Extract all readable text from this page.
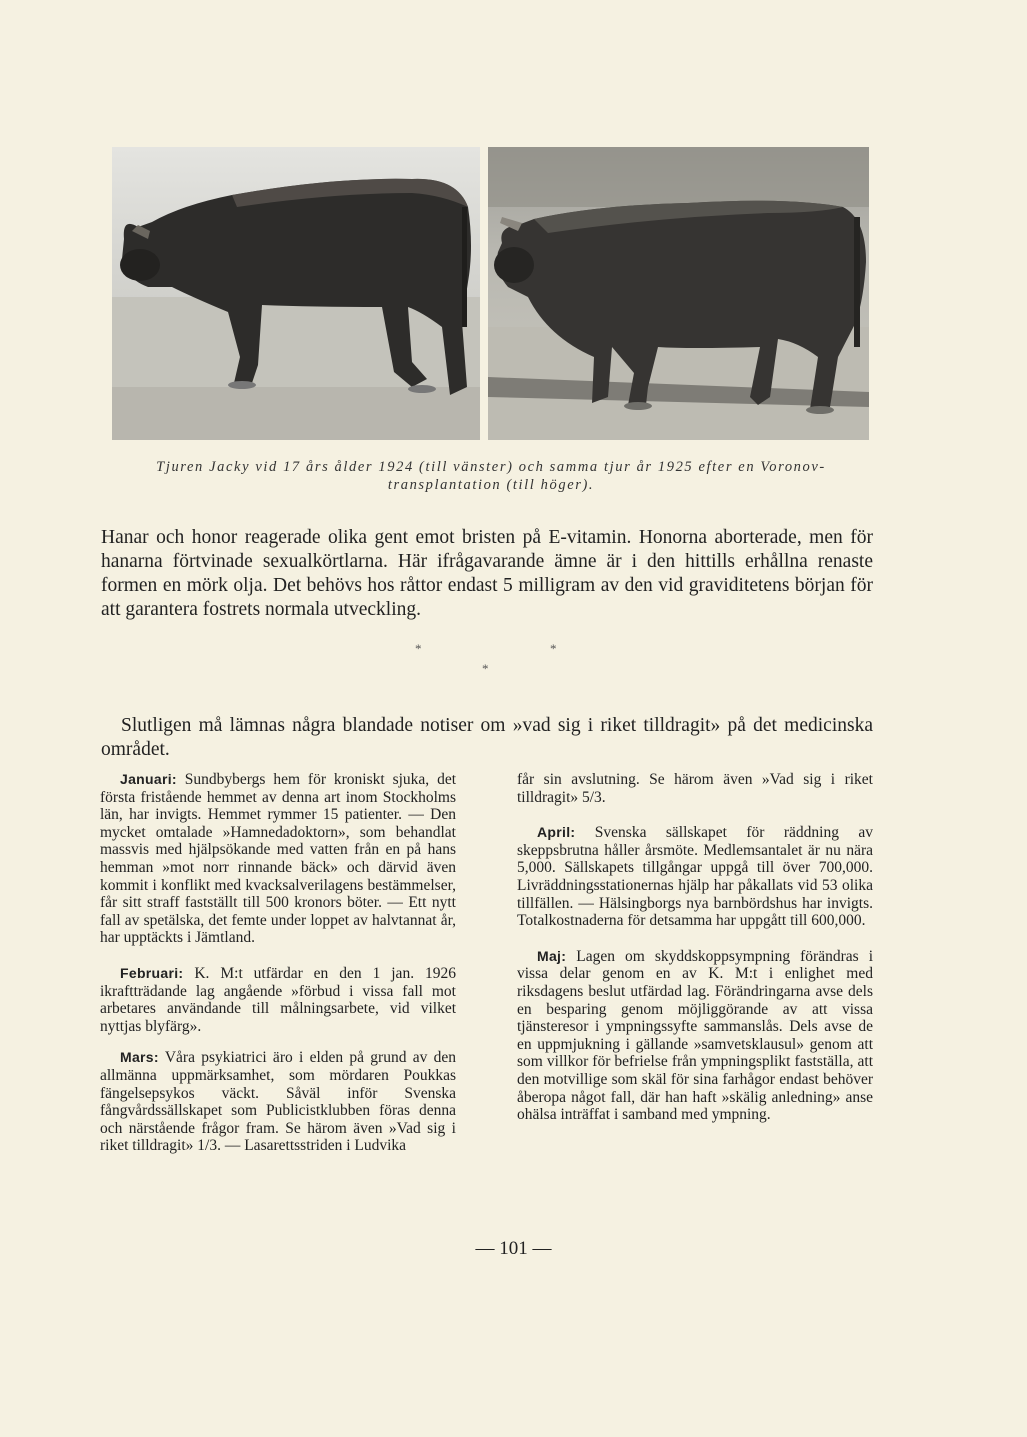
Tjuren Jacky vid 17 års ålder 1924 (till vänster) och samma tjur år 1925 efter en Voronov-
transplantation (till höger).

Hanar och honor reagerade olika gent emot bristen på E-vitamin. Honorna aborterade, men för hanarna förtvinade sexualkörtlarna. Här ifrågavarande ämne är i den hittills erhållna renaste formen en mörk olja. Det behövs hos råttor endast 5 milligram av den vid graviditetens början för att garantera fostrets normala utveckling.

*	*
*

Slutligen må lämnas några blandade notiser om »vad sig i riket tilldragit» på det medicinska området.

Januari: Sundbybergs hem för kroniskt sjuka, det första fristående hemmet av denna art inom Stockholms län, har invigts. Hemmet rymmer 15 patienter. — Den mycket omtalade »Hamnedadoktorn», som behandlat massvis med hjälpsökande med vatten från en på hans hemman »mot norr rinnande bäck» och därvid även kommit i konflikt med kvacksalverilagens bestämmelser, får sitt straff fastställt till 500 kronors böter. — Ett nytt fall av spetälska, det femte under loppet av halvtannat år, har upptäckts i Jämtland.

Februari: K. M:t utfärdar en den 1 jan. 1926 ikraftträdande lag angående »förbud i vissa fall mot arbetares användande till målningsarbete, vid vilket nyttjas blyfärg».

Mars: Våra psykiatrici äro i elden på grund av den allmänna uppmärksamhet, som mördaren Poukkas fängelsepsykos väckt. Såväl inför Svenska fångvårdssällskapet som Publicistklubben föras denna och närstående frågor fram. Se härom även »Vad sig i riket tilldragit» 1/3. — Lasarettsstriden i Ludvika

får sin avslutning. Se härom även »Vad sig i riket tilldragit» 5/3.

April: Svenska sällskapet för räddning av skeppsbrutna håller årsmöte. Medlemsantalet är nu nära 5,000. Sällskapets tillgångar uppgå till över 700,000. Livräddningsstationernas hjälp har påkallats vid 53 olika tillfällen. — Hälsingborgs nya barnbördshus har invigts. Totalkostnaderna för detsamma har uppgått till 600,000.

Maj: Lagen om skyddskoppsympning förändras i vissa delar genom en av K. M:t i enlighet med riksdagens beslut utfärdad lag. Förändringarna avse dels en besparing genom möjliggörande av att vissa tjänsteresor i ympningssyfte sammanslås. Dels avse de en uppmjukning i gällande »samvetsklausul» genom att som villkor för befrielse från ympningsplikt fastställa, att den motvillige som skäl för sina farhågor endast behöver åberopa något fall, där han haft »skälig anledning» anse ohälsa inträffat i samband med ympning.

— 101 —
